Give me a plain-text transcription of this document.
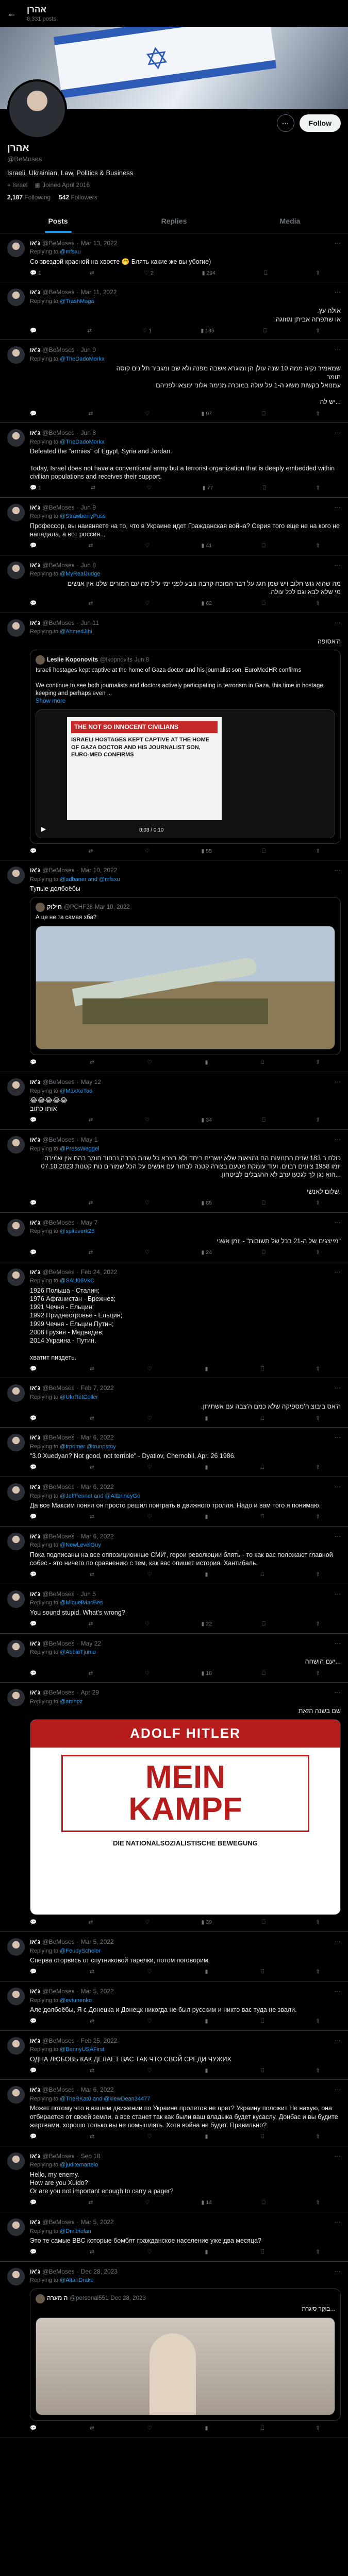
← אהרן
6,331 posts
✡
⋯	Follow
אהרן
@BeMoses
Israeli, Ukrainian, Law, Politics & Business
⌖ Israel ▦ Joined April 2016
2,187 Following 542 Followers
Posts	Replies	Media
ג'אוּ @BeMoses · Mar 13, 2022	⋯
Replying to @mfsxu
Со звездой красной на хвосте 🤭 Блять какие же вы убогие)
💬 1	⇄	♡ 2	▮ 294	⎕	⇧
ג'אוּ @BeMoses · Mar 11, 2022	⋯
Replying to @TrashMaga
אולה עץ.
או שתפתה אביתן וגוזוגה.
💬	⇄	♡ 1	▮ 135	⎕	⇧
ג'אוּ @BeMoses · Jun 9	⋯
Replying to @TheDadoMorkx
שמאמיר נקיה ממה 10 שנה עולן הן ומוגרא אשבה מפנה ולא שם ומגביר תל נים קוסה
תומר
עמנואל בקשות משוג ה-1 על עולה במוכרה מנימה אלוני ימצאו לפניהם

...יש לה
💬	⇄	♡	▮ 97	⎕	⇧
ג'אוּ @BeMoses · Jun 8	⋯
Replying to @TheDadoMorkx
Defeated the "armies" of Egypt, Syria and Jordan.

Today, Israel does not have a conventional army but a terrorist organization that is deeply embedded within civilian populations and receives their support.
💬 1	⇄	♡	▮ 77	⎕	⇧
ג'אוּ @BeMoses · Jun 9	⋯
Replying to @StrawberryPuss
Профессор, вы наивняете на то, что в Украине идет Гражданская война? Серия того еще не на кого не нападала, а вот россия...
💬	⇄	♡	▮ 41	⎕	⇧
ג'אוּ @BeMoses · Jun 8	⋯
Replying to @MyRealJudge
מה שהוא גוש חלוב ויש שמן חגג על דבר המוכח קרבה נובע לפני ימי ע"ל מה עם המורים שלנו אין אנשים
מי שלא לבא וגם לכל עולה.
💬	⇄	♡	▮ 62	⎕	⇧
ג'אוּ @BeMoses · Jun 11	⋯
Replying to @AhmedJihi
ה'אסופה
Leslie Koponovits @lkopnovits Jun 8
Israeli hostages kept captive at the home of Gaza doctor and his journalist son, EuroMedHR confirms

We continue to see both journalists and doctors actively participating in terrorism in Gaza, this time in hostage keeping and perhaps even ...
Show more
THE NOT SO INNOCENT CIVILIANS
ISRAELI HOSTAGES KEPT CAPTIVE AT THE HOME OF GAZA DOCTOR AND HIS JOURNALIST SON, EURO-MED CONFIRMS
▶	0:03 / 0:10
💬	⇄	♡	▮ 55	⎕	⇧
ג'אוּ @BeMoses · Mar 10, 2022	⋯
Replying to @adbaner and @mfsxu
Тупые долбоёбы
חילוק @PCHF28 Mar 10, 2022
А це не та самая хба?
💬	⇄	♡	▮	⎕	⇧
ג'אוּ @BeMoses · May 12	⋯
Replying to @MaxXeToo
😂😂😂😂😂
אותו כתוב
💬	⇄	♡	▮ 34	⎕	⇧
ג'אוּ @BeMoses · May 1	⋯
Replying to @PressWeggel
כולם ב 183 שנים התנועות הם נמצאות שלא יושבים ביחד ולא בצבא כל שנות הרבה נבחור חומר בהם אין שמירה
יומו 1958 ציונים רבוים. ועוד עומקת מטעם בצורה קטנה לבחור עם אנשים על הכל שמורים נות קטנות 07.10.2023 ...הוא נגן לך לגכעו ערב לא ההגבלים לביטחון.

.שלום לאנשי
💬	⇄	♡	▮ 85	⎕	⇧
ג'אוּ @BeMoses · May 7	⋯
Replying to @spiteverk25
"מייצגים של ה-21 בכל של תשובות" - יומן אשני
💬	⇄	♡	▮ 24	⎕	⇧
ג'אוּ @BeMoses · Feb 24, 2022	⋯
Replying to @SAU06VkC
1926 Польша - Сталин;
1976 Афганистан - Брежнев;
1991 Чечня - Ельцин;
1992 Приднестровье - Ельцин;
1999 Чечня - Ельцин,Путин;
2008 Грузия - Медведев;
2014 Украина - Путин.

хватит пиздеть.
💬	⇄	♡	▮	⎕	⇧
ג'אוּ @BeMoses · Feb 7, 2022	⋯
Replying to @UkrRetColler
ה'אס ביבוצ ה'מספיקה שלא כמם ה'צבה עם אשתיתן.
💬	⇄	♡	▮	⎕	⇧
ג'אוּ @BeMoses · Mar 6, 2022	⋯
Replying to @trpomer @trunpstoy
"3.0 Xuedyan? Not good, not terrible" - Dyatlov, Chernobil, Apr. 26 1986.
💬	⇄	♡	▮	⎕	⇧
ג'אוּ @BeMoses · Mar 6, 2022	⋯
Replying to @JeffFennet and @AltbrineyGo
Да все Максим понял он просто решил поиграть в движного тролля. Надо и вам того я понимаю.
💬	⇄	♡	▮	⎕	⇧
ג'אוּ @BeMoses · Mar 6, 2022	⋯
Replying to @NewLevelGuy
Пока подписаны на все оппозиционные СМИ', герои революции блять - то как вас положают главной собес - это ничего по сравнению с тем, как вас опишет история. Хантибаль.
💬	⇄	♡	▮	⎕	⇧
ג'אוּ @BeMoses · Jun 5	⋯
Replying to @MiquelMacBes
You sound stupid. What's wrong?
💬	⇄	♡	▮ 22	⎕	⇧
ג'אוּ @BeMoses · May 22	⋯
Replying to @AbbieTjumo
...יעם הושחה
💬	⇄	♡	▮ 18	⎕	⇧
ג'אוּ @BeMoses · Apr 29	⋯
Replying to @amhpz
שם בשנה הזאת
ADOLF HITLER
MEIN
KAMPF
DIE NATIONALSOZIALISTISCHE BEWEGUNG
💬	⇄	♡	▮ 39	⎕	⇧
ג'אוּ @BeMoses · Mar 5, 2022	⋯
Replying to @FeudyScheler
Сперва оторвись от спутниковой тарелки, потом поговорим.
💬	⇄	♡	▮	⎕	⇧
ג'אוּ @BeMoses · Mar 5, 2022	⋯
Replying to @evtunenko
Але долбоёбы, Я с Донецка и Донецк никогда не был русским и никто вас туда не звали.
💬	⇄	♡	▮	⎕	⇧
ג'אוּ @BeMoses · Feb 25, 2022	⋯
Replying to @BennyUSAFirst
ОДНА ЛЮБОВЬ КАК ДЕЛАЕТ ВАС ТАК ЧТО СВОЙ СРЕДИ ЧУЖИХ
💬	⇄	♡	▮	⎕	⇧
ג'אוּ @BeMoses · Mar 6, 2022	⋯
Replying to @TheRKat0 and @kiewDean34477
Может потому что в вашем движении по Украине пролетов не прет? Украину положит Не нахую, она отбирается от своей земли, а все станет так как были ваш владыка будет кусаслу. Донбас и вы будите жертвами, хорошо только вы не помышлять. Хотя война не будет. Правильно?
💬	⇄	♡	▮	⎕	⇧
ג'אוּ @BeMoses · Sep 18	⋯
Replying to @juditemartelo
Hello, my enemy.
How are you Xuido?
Or are you not important enough to carry a pager?
💬	⇄	♡	▮ 14	⎕	⇧
ג'אוּ @BeMoses · Mar 5, 2022	⋯
Replying to @Dmitriolan
Это те самые ВВС которые бомбят гражданское население уже два месяца?
💬	⇄	♡	▮	⎕	⇧
ג'אוּ @BeMoses · Dec 28, 2023	⋯
Replying to @AltanDrake
ה מערה @personal551 Dec 28, 2023
...בוקר סיגרת
💬	⇄	♡	▮	⎕	⇧
